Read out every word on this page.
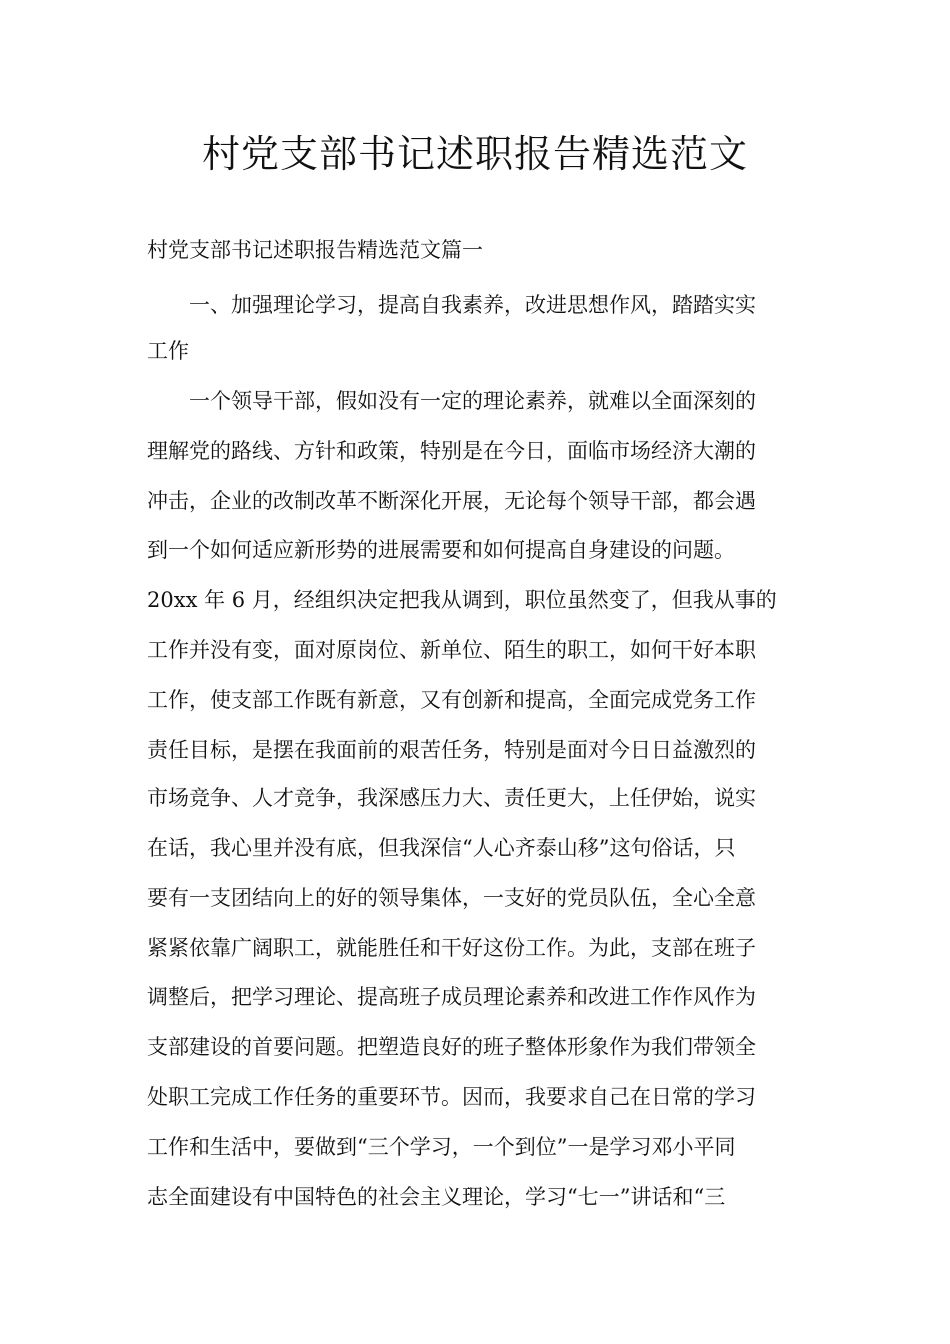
村党支部书记述职报告精选范文

村党支部书记述职报告精选范文篇一

一、加强理论学习，提高自我素养，改进思想作风，踏踏实实

工作

一个领导干部，假如没有一定的理论素养，就难以全面深刻的

理解党的路线、方针和政策，特别是在今日，面临市场经济大潮的

冲击，企业的改制改革不断深化开展，无论每个领导干部，都会遇

到一个如何适应新形势的进展需要和如何提高自身建设的问题。

20xx 年 6 月，经组织决定把我从调到，职位虽然变了，但我从事的

工作并没有变，面对原岗位、新单位、陌生的职工，如何干好本职

工作，使支部工作既有新意，又有创新和提高，全面完成党务工作

责任目标，是摆在我面前的艰苦任务，特别是面对今日日益激烈的

市场竞争、人才竞争，我深感压力大、责任更大，上任伊始，说实

在话，我心里并没有底，但我深信“人心齐泰山移”这句俗话，只

要有一支团结向上的好的领导集体，一支好的党员队伍，全心全意

紧紧依靠广阔职工，就能胜任和干好这份工作。为此，支部在班子

调整后，把学习理论、提高班子成员理论素养和改进工作作风作为

支部建设的首要问题。把塑造良好的班子整体形象作为我们带领全

处职工完成工作任务的重要环节。因而，我要求自己在日常的学习

工作和生活中，要做到“三个学习，一个到位”一是学习邓小平同

志全面建设有中国特色的社会主义理论，学习“七一”讲话和“三
